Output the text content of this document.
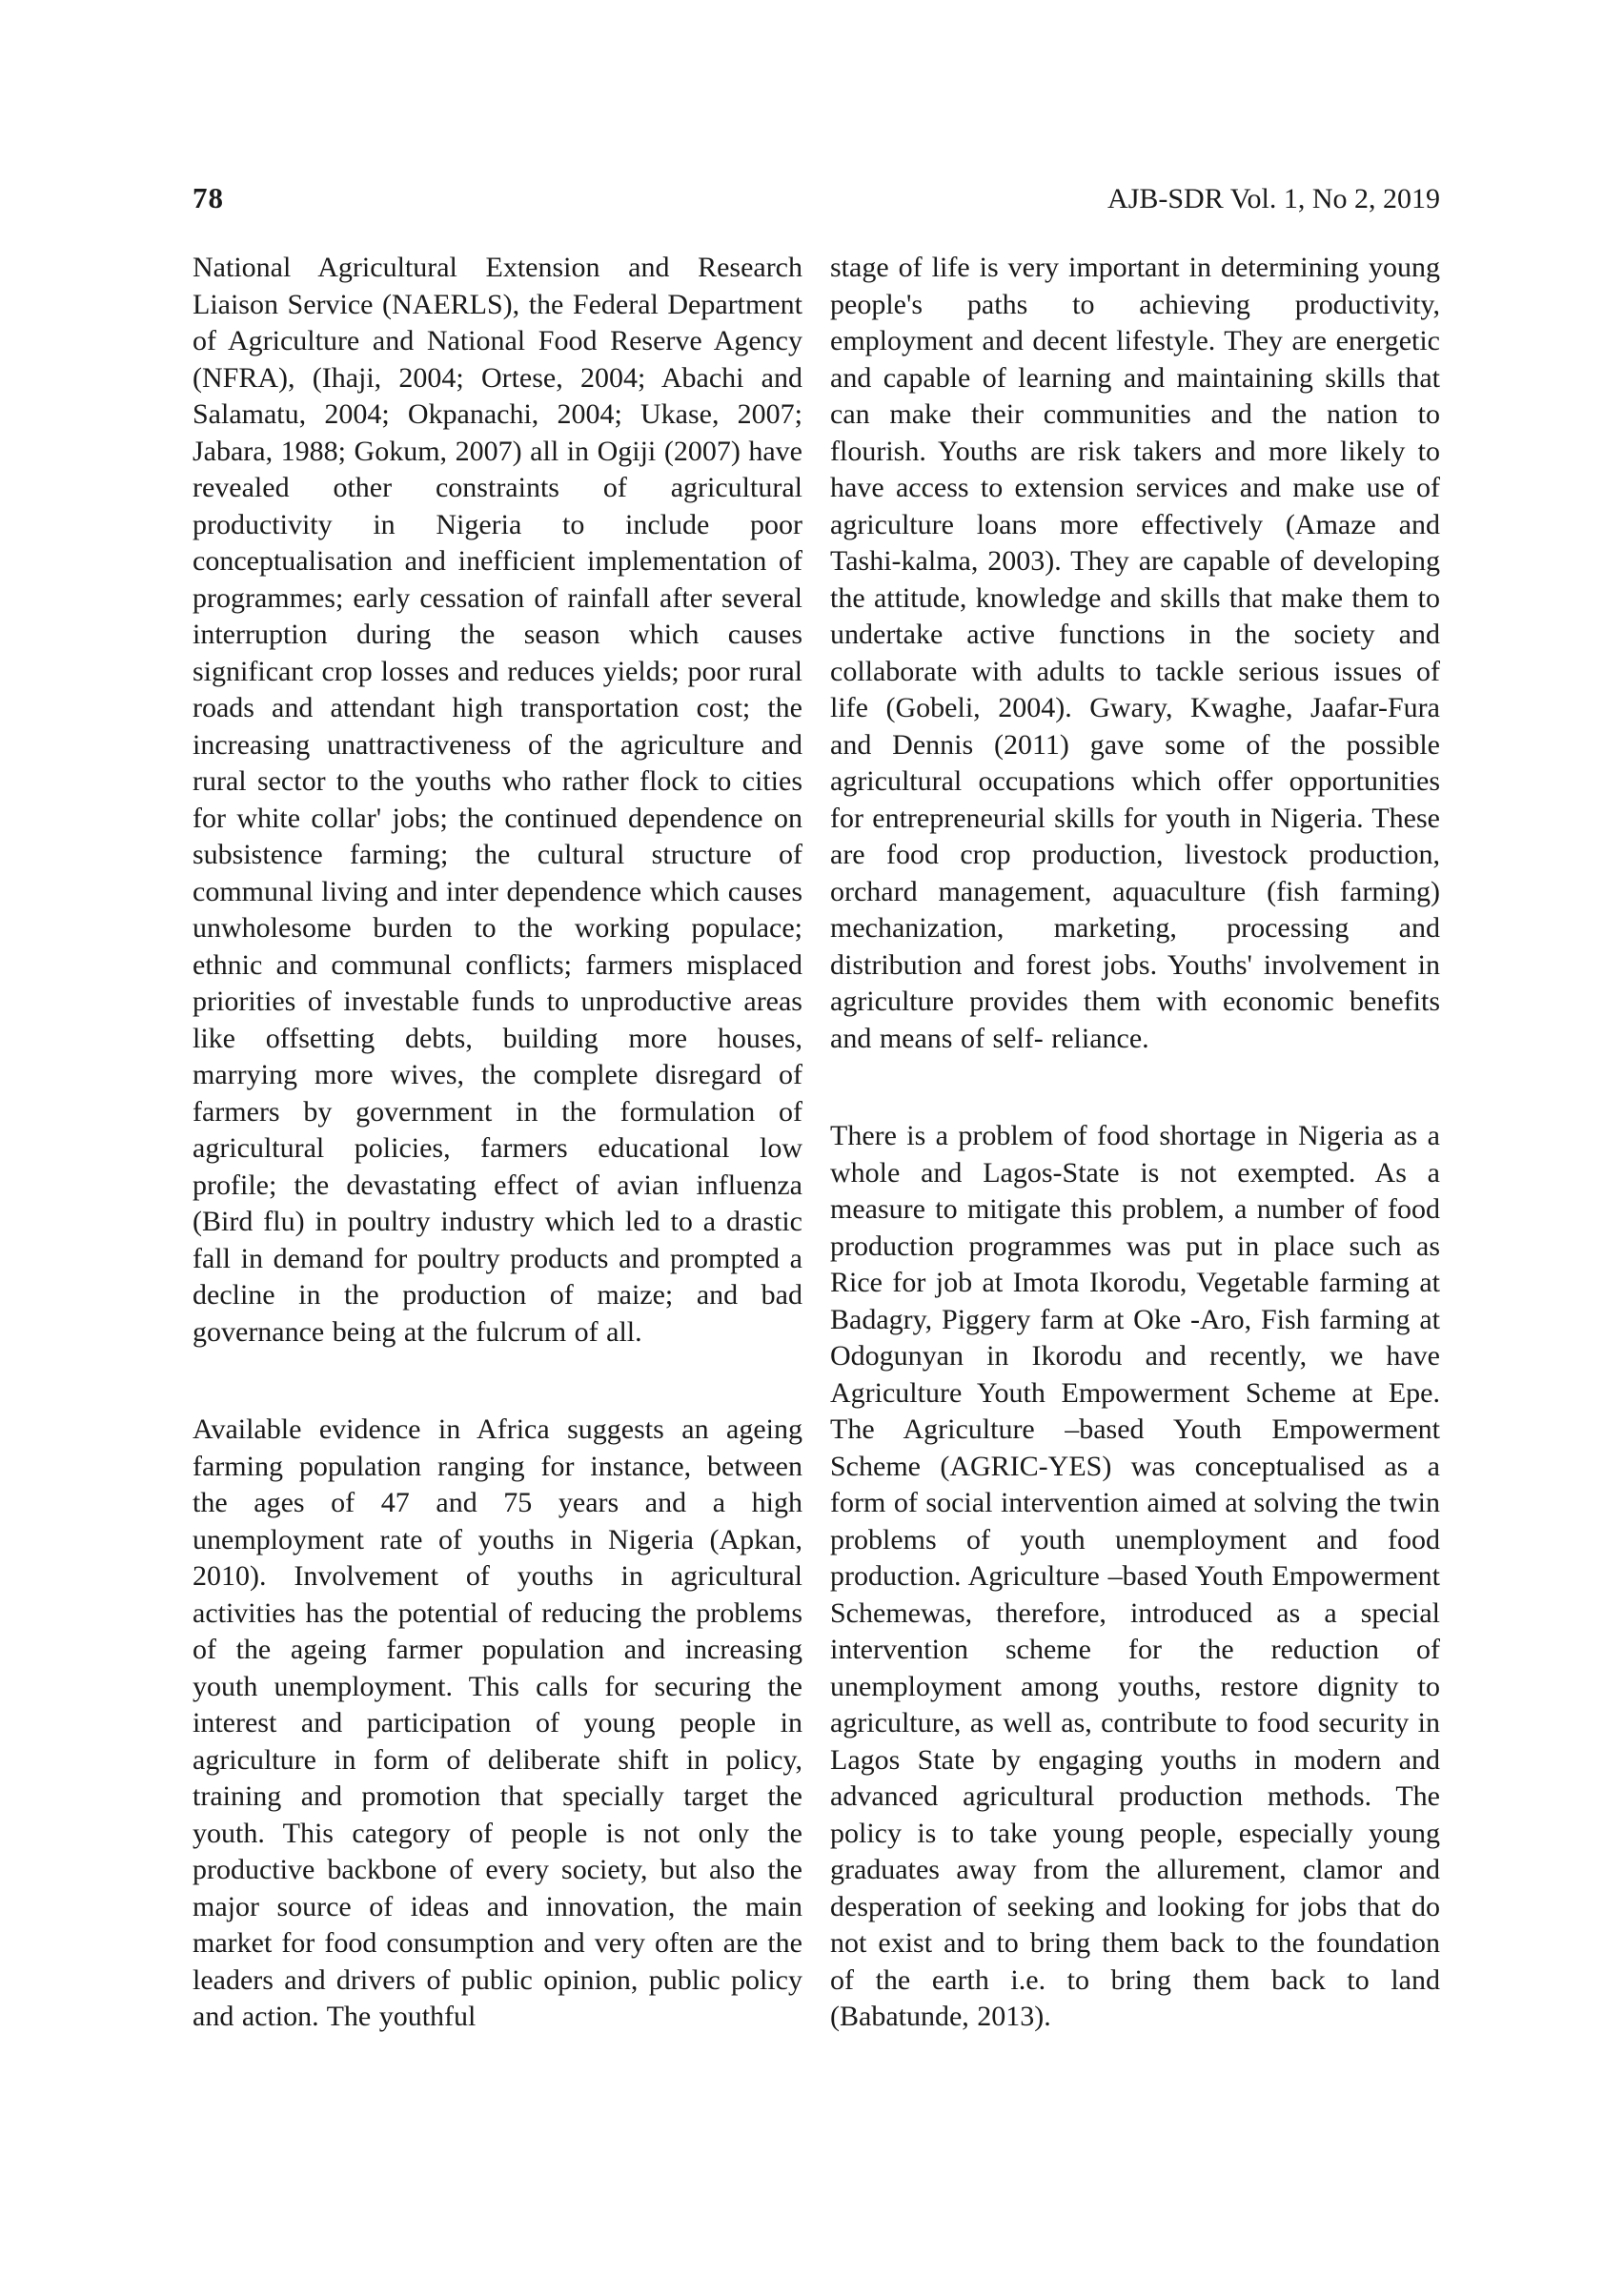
78	AJB-SDR Vol. 1, No 2, 2019

National Agricultural Extension and Research Liaison Service (NAERLS), the Federal Department of Agriculture and National Food Reserve Agency (NFRA), (Ihaji, 2004; Ortese, 2004; Abachi and Salamatu, 2004; Okpanachi, 2004; Ukase, 2007; Jabara, 1988; Gokum, 2007) all in Ogiji (2007) have revealed other constraints of agricultural productivity in Nigeria to include poor conceptualisation and inefficient implementation of programmes; early cessation of rainfall after several interruption during the season which causes significant crop losses and reduces yields; poor rural roads and attendant high transportation cost; the increasing unattractiveness of the agriculture and rural sector to the youths who rather flock to cities for white collar' jobs; the continued dependence on subsistence farming; the cultural structure of communal living and inter dependence which causes unwholesome burden to the working populace; ethnic and communal conflicts; farmers misplaced priorities of investable funds to unproductive areas like offsetting debts, building more houses, marrying more wives, the complete disregard of farmers by government in the formulation of agricultural policies, farmers educational low profile; the devastating effect of avian influenza (Bird flu) in poultry industry which led to a drastic fall in demand for poultry products and prompted a decline in the production of maize; and bad governance being at the fulcrum of all.

Available evidence in Africa suggests an ageing farming population ranging for instance, between the ages of 47 and 75 years and a high unemployment rate of youths in Nigeria (Apkan, 2010). Involvement of youths in agricultural activities has the potential of reducing the problems of the ageing farmer population and increasing youth unemployment. This calls for securing the interest and participation of young people in agriculture in form of deliberate shift in policy, training and promotion that specially target the youth. This category of people is not only the productive backbone of every society, but also the major source of ideas and innovation, the main market for food consumption and very often are the leaders and drivers of public opinion, public policy and action. The youthful

stage of life is very important in determining young people's paths to achieving productivity, employment and decent lifestyle. They are energetic and capable of learning and maintaining skills that can make their communities and the nation to flourish. Youths are risk takers and more likely to have access to extension services and make use of agriculture loans more effectively (Amaze and Tashi-kalma, 2003). They are capable of developing the attitude, knowledge and skills that make them to undertake active functions in the society and collaborate with adults to tackle serious issues of life (Gobeli, 2004). Gwary, Kwaghe, Jaafar-Fura and Dennis (2011) gave some of the possible agricultural occupations which offer opportunities for entrepreneurial skills for youth in Nigeria. These are food crop production, livestock production, orchard management, aquaculture (fish farming) mechanization, marketing, processing and distribution and forest jobs. Youths' involvement in agriculture provides them with economic benefits and means of self- reliance.

There is a problem of food shortage in Nigeria as a whole and Lagos-State is not exempted. As a measure to mitigate this problem, a number of food production programmes was put in place such as Rice for job at Imota Ikorodu, Vegetable farming at Badagry, Piggery farm at Oke -Aro, Fish farming at Odogunyan in Ikorodu and recently, we have Agriculture Youth Empowerment Scheme at Epe. The Agriculture –based Youth Empowerment Scheme (AGRIC-YES) was conceptualised as a form of social intervention aimed at solving the twin problems of youth unemployment and food production. Agriculture –based Youth Empowerment Schemewas, therefore, introduced as a special intervention scheme for the reduction of unemployment among youths, restore dignity to agriculture, as well as, contribute to food security in Lagos State by engaging youths in modern and advanced agricultural production methods. The policy is to take young people, especially young graduates away from the allurement, clamor and desperation of seeking and looking for jobs that do not exist and to bring them back to the foundation of the earth i.e. to bring them back to land (Babatunde, 2013).
